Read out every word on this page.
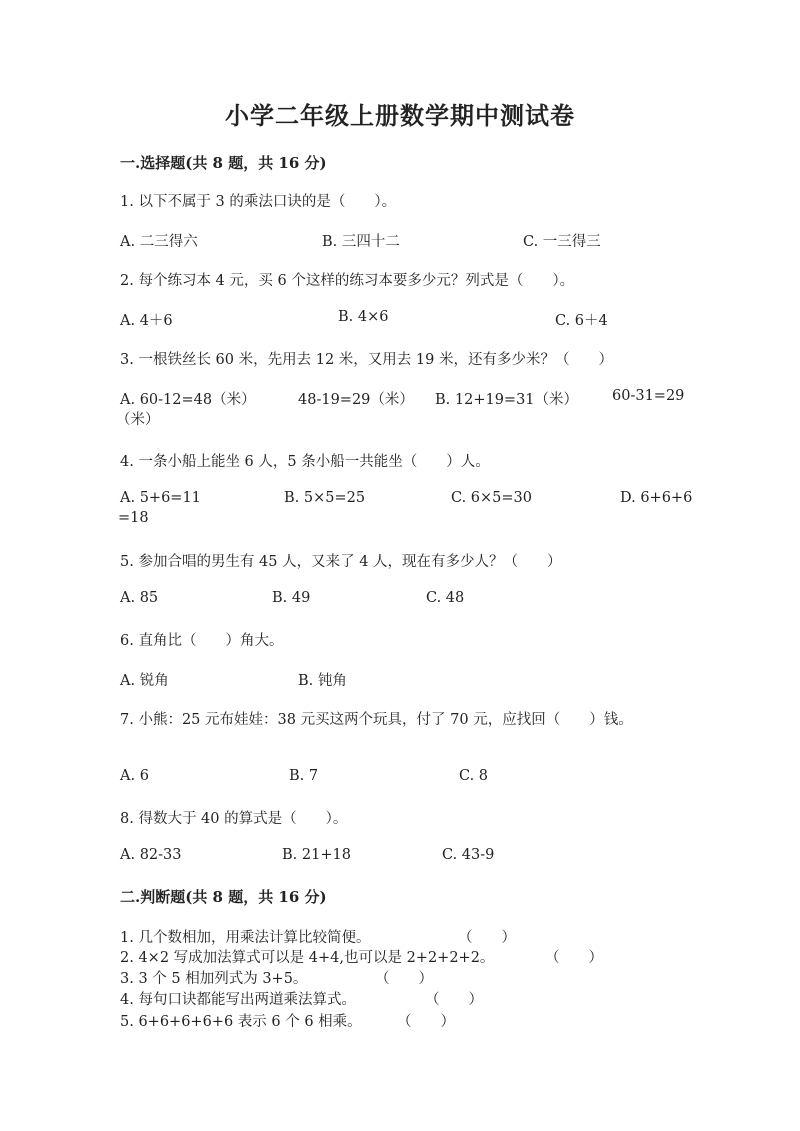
小学二年级上册数学期中测试卷
一.选择题(共 8 题，共 16 分)
1. 以下不属于 3 的乘法口诀的是（　　）。
A. 二三得六	B. 三四十二	C. 一三得三
2. 每个练习本 4 元，买 6 个这样的练习本要多少元？列式是（　　）。
A. 4＋6	B. 4×6	C. 6＋4
3. 一根铁丝长 60 米，先用去 12 米，又用去 19 米，还有多少米？（　　）
A. 60-12=48（米）	48-19=29（米） B. 12+19=31（米） 60-31=29
（米）
4. 一条小船上能坐 6 人，5 条小船一共能坐（　　）人。
A. 5+6=11	B. 5×5=25	C. 6×5=30	D. 6+6+6
=18
5. 参加合唱的男生有 45 人，又来了 4 人，现在有多少人？（　　）
A. 85	B. 49	C. 48
6. 直角比（　　）角大。
A. 锐角	B. 钝角
7. 小熊：25 元布娃娃：38 元买这两个玩具，付了 70 元，应找回（　　）钱。
A. 6	B. 7	C. 8
8. 得数大于 40 的算式是（　　）。
A. 82-33	B. 21+18	C. 43-9
二.判断题(共 8 题，共 16 分)
1. 几个数相加，用乘法计算比较简便。	（　　）
2. 4×2 写成加法算式可以是 4+4,也可以是 2+2+2+2。	（　　）
3. 3 个 5 相加列式为 3+5。	（　　）
4. 每句口诀都能写出两道乘法算式。	（　　）
5. 6+6+6+6+6 表示 6 个 6 相乘。 （　　）
